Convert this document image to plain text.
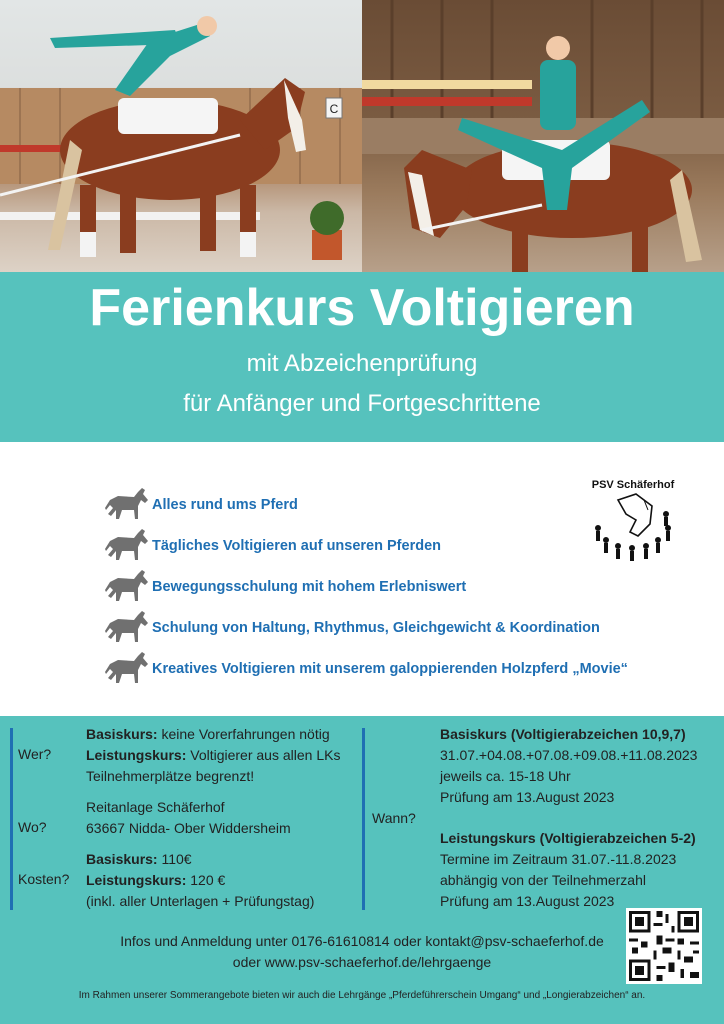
C
Ferienkurs Voltigieren
mit Abzeichenprüfung
für Anfänger und Fortgeschrittene
Alles rund ums Pferd
Tägliches Voltigieren auf unseren Pferden
Bewegungsschulung mit hohem Erlebniswert
Schulung von Haltung, Rhythmus, Gleichgewicht & Koordination
Kreatives Voltigieren mit unserem galoppierenden Holzpferd „Movie“
PSV Schäferhof
Wer?
Basiskurs: keine Vorerfahrungen nötig
Leistungskurs: Voltigierer aus allen LKs
Teilnehmerplätze begrenzt!
Wo?
Reitanlage Schäferhof
63667 Nidda- Ober Widdersheim
Kosten?
Basiskurs: 110€
Leistungskurs: 120 €
(inkl. aller Unterlagen + Prüfungstag)
Wann?
Basiskurs (Voltigierabzeichen 10,9,7)
31.07.+04.08.+07.08.+09.08.+11.08.2023
jeweils ca. 15-18 Uhr
Prüfung am 13.August 2023
Leistungskurs (Voltigierabzeichen 5-2)
Termine im Zeitraum 31.07.-11.8.2023
abhängig von der Teilnehmerzahl
Prüfung am 13.August 2023
Infos und Anmeldung unter 0176-61610814 oder kontakt@psv-schaeferhof.de
oder www.psv-schaeferhof.de/lehrgaenge
Im Rahmen unserer Sommerangebote bieten wir auch die Lehrgänge „Pferdeführerschein Umgang“ und „Longierabzeichen“ an.
